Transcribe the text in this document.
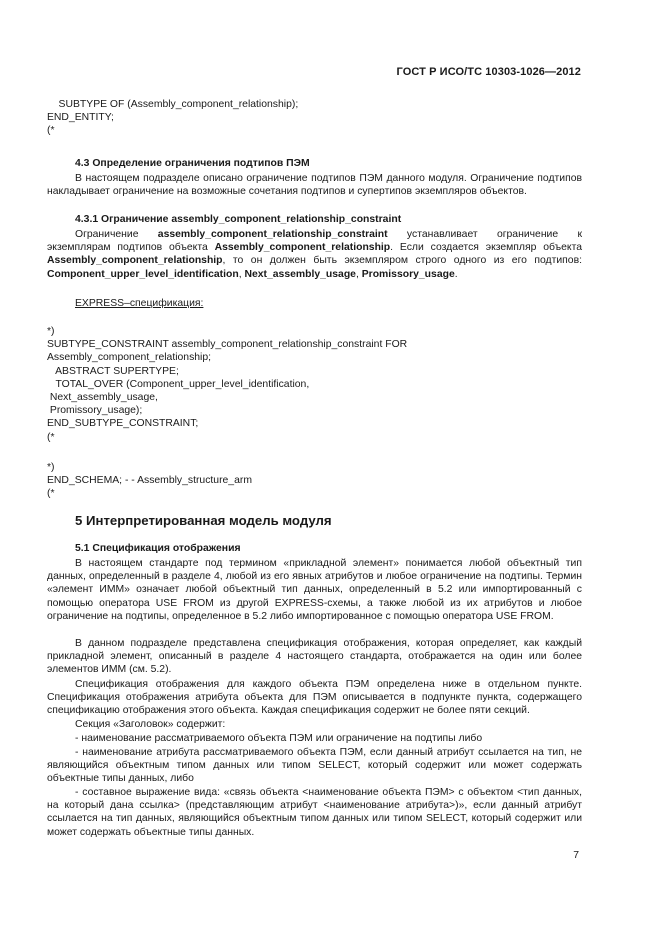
ГОСТ Р ИСО/ТС 10303-1026—2012
SUBTYPE OF (Assembly_component_relationship);
END_ENTITY;
(*
4.3 Определение ограничения подтипов ПЭМ

В настоящем подразделе описано ограничение подтипов ПЭМ данного модуля. Ограничение подтипов накладывает ограничение на возможные сочетания подтипов и супертипов экземпляров объектов.

4.3.1 Ограничение assembly_component_relationship_constraint

Ограничение assembly_component_relationship_constraint устанавливает ограничение к экземплярам подтипов объекта Assembly_component_relationship. Если создается экземпляр объекта Assembly_component_relationship, то он должен быть экземпляром строго одного из его подтипов: Component_upper_level_identification, Next_assembly_usage, Promissory_usage.

EXPRESS–спецификация:
*)
SUBTYPE_CONSTRAINT assembly_component_relationship_constraint FOR
Assembly_component_relationship;
ABSTRACT SUPERTYPE;
TOTAL_OVER (Component_upper_level_identification,
Next_assembly_usage,
Promissory_usage);
END_SUBTYPE_CONSTRAINT;
(*
*)
END_SCHEMA; - - Assembly_structure_arm
(*
5 Интерпретированная модель модуля
5.1 Спецификация отображения

В настоящем стандарте под термином «прикладной элемент» понимается любой объектный тип данных, определенный в разделе 4, любой из его явных атрибутов и любое ограничение на подтипы. Термин «элемент ИММ» означает любой объектный тип данных, определенный в 5.2 или импортированный с помощью оператора USE FROM из другой EXPRESS-схемы, а также любой из их атрибутов и любое ограничение на подтипы, определенное в 5.2 либо импортированное с помощью оператора USE FROM.

В данном подразделе представлена спецификация отображения, которая определяет, как каждый прикладной элемент, описанный в разделе 4 настоящего стандарта, отображается на один или более элементов ИММ (см. 5.2).

Спецификация отображения для каждого объекта ПЭМ определена ниже в отдельном пункте. Спецификация отображения атрибута объекта для ПЭМ описывается в подпункте пункта, содержащего спецификацию отображения этого объекта. Каждая спецификация содержит не более пяти секций.

Секция «Заголовок» содержит:

- наименование рассматриваемого объекта ПЭМ или ограничение на подтипы либо

- наименование атрибута рассматриваемого объекта ПЭМ, если данный атрибут ссылается на тип, не являющийся объектным типом данных или типом SELECT, который содержит или может содержать объектные типы данных, либо

- составное выражение вида: «связь объекта <наименование объекта ПЭМ> с объектом <тип данных, на который дана ссылка> (представляющим атрибут <наименование атрибута>)», если данный атрибут ссылается на тип данных, являющийся объектным типом данных или типом SELECT, который содержит или может содержать объектные типы данных.

7
